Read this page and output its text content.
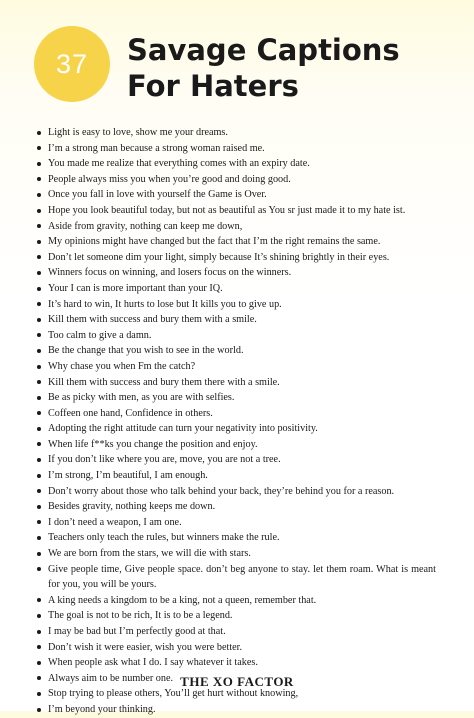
37 Savage Captions
For Haters
Light is easy to love, show me your dreams.
I’m a strong man because a strong woman raised me.
You made me realize that everything comes with an expiry date.
People always miss you when you’re good and doing good.
Once you fall in love with yourself the Game is Over.
Hope you look beautiful today, but not as beautiful as You sr just made it to my hate ist.
Aside from gravity, nothing can keep me down,
My opinions might have changed but the fact that I’m the right remains the same.
Don’t let someone dim your light, simply because It’s shining brightly in their eyes.
Winners focus on winning, and losers focus on the winners.
Your I can is more important than your IQ.
It’s hard to win, It hurts to lose but It kills you to give up.
Kill them with success and bury them with a smile.
Too calm to give a damn.
Be the change that you wish to see in the world.
Why chase you when Fm the catch?
Kill them with success and bury them there with a smile.
Be as picky with men, as you are with selfies.
Coffeen one hand, Confidence in others.
Adopting the right attitude can turn your negativity into positivity.
When life f**ks you change the position and enjoy.
If you don’t like where you are, move, you are not a tree.
I’m strong, I’m beautiful, I am enough.
Don’t worry about those who talk behind your back, they’re behind you for a reason.
Besides gravity, nothing keeps me down.
I don’t need a weapon, I am one.
Teachers only teach the rules, but winners make the rule.
We are born from the stars, we will die with stars.
Give people time, Give people space. don’t beg anyone to stay. let them roam. What is meant for you, you will be yours.
A king needs a kingdom to be a king, not a queen, remember that.
The goal is not to be rich, It is to be a legend.
I may be bad but I’m perfectly good at that.
Don’t wish it were easier, wish you were better.
When people ask what I do. I say whatever it takes.
Always aim to be number one.
Stop trying to please others, You’ll get hurt without knowing,
I’m beyond your thinking.
THE XO FACTOR
